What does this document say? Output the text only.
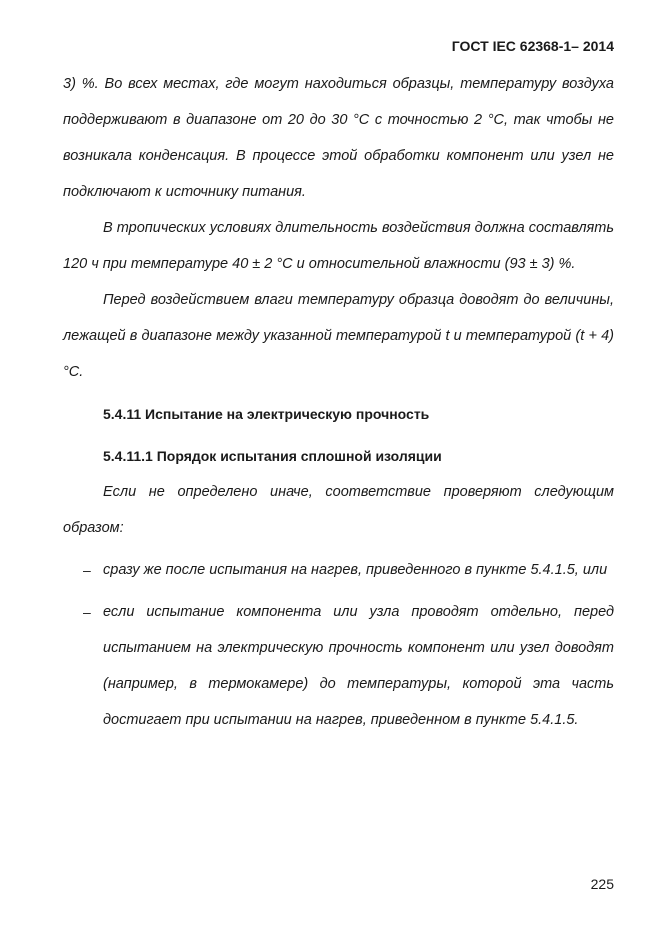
ГОСТ IEC 62368-1– 2014

3) %. Во всех местах, где могут находиться образцы, температуру воздуха поддерживают в диапазоне от 20 до 30 °С с точностью 2 °С, так чтобы не возникала конденсация. В процессе этой обработки компонент или узел не подключают к источнику питания.

В тропических условиях длительность воздействия должна составлять 120 ч при температуре 40 ± 2 °С и относительной влажности (93 ± 3) %.

Перед воздействием влаги температуру образца доводят до величины, лежащей в диапазоне между указанной температурой t и температурой (t + 4) °С.

5.4.11 Испытание на электрическую прочность
5.4.11.1 Порядок испытания сплошной изоляции

Если не определено иначе, соответствие проверяют следующим образом:

– сразу же после испытания на нагрев, приведенного в пункте 5.4.1.5, или

– если испытание компонента или узла проводят отдельно, перед испытанием на электрическую прочность компонент или узел доводят (например, в термокамере) до температуры, которой эта часть достигает при испытании на нагрев, приведенном в пункте 5.4.1.5.

225
